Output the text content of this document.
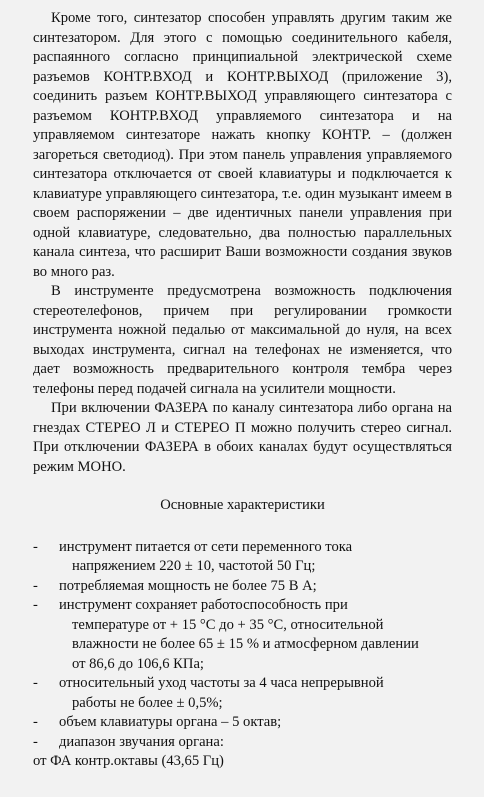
Кроме того, синтезатор способен управлять другим таким же синтезатором. Для этого с помощью соединительного кабеля, распаянного согласно принципиальной электрической схеме разъемов КОНТР.ВХОД и КОНТР.ВЫХОД (приложение 3), соединить разъем КОНТР.ВЫХОД управляющего синтезатора с разъемом КОНТР.ВХОД управляемого синтезатора и на управляемом синтезаторе нажать кнопку КОНТР. – (должен загореться светодиод). При этом панель управления управляемого синтезатора отключается от своей клавиатуры и подключается к клавиатуре управляющего синтезатора, т.е. один музыкант имеем в своем распоряжении – две идентичных панели управления при одной клавиатуре, следовательно, два полностью параллельных канала синтеза, что расширит Ваши возможности создания звуков во много раз.

В инструменте предусмотрена возможность подключения стереотелефонов, причем при регулировании громкости инструмента ножной педалью от максимальной до нуля, на всех выходах инструмента, сигнал на телефонах не изменяется, что дает возможность предварительного контроля тембра через телефоны перед подачей сигнала на усилители мощности.

При включении ФАЗЕРА по каналу синтезатора либо органа на гнездах СТЕРЕО Л и СТЕРЕО П можно получить стерео сигнал. При отключении ФАЗЕРА в обоих каналах будут осуществляться режим МОНО.

Основные характеристики

- инструмент питается от сети переменного тока
напряжением 220 ± 10, частотой 50 Гц;
- потребляемая мощность не более 75 В А;
- инструмент сохраняет работоспособность при
температуре от + 15 °С до + 35 °С, относительной
влажности не более 65 ± 15 % и атмосферном давлении
от 86,6 до 106,6 КПа;
- относительный уход частоты за 4 часа непрерывной
работы не более ± 0,5%;
- объем клавиатуры органа – 5 октав;
- диапазон звучания органа:

от ФА контр.октавы (43,65 Гц)
